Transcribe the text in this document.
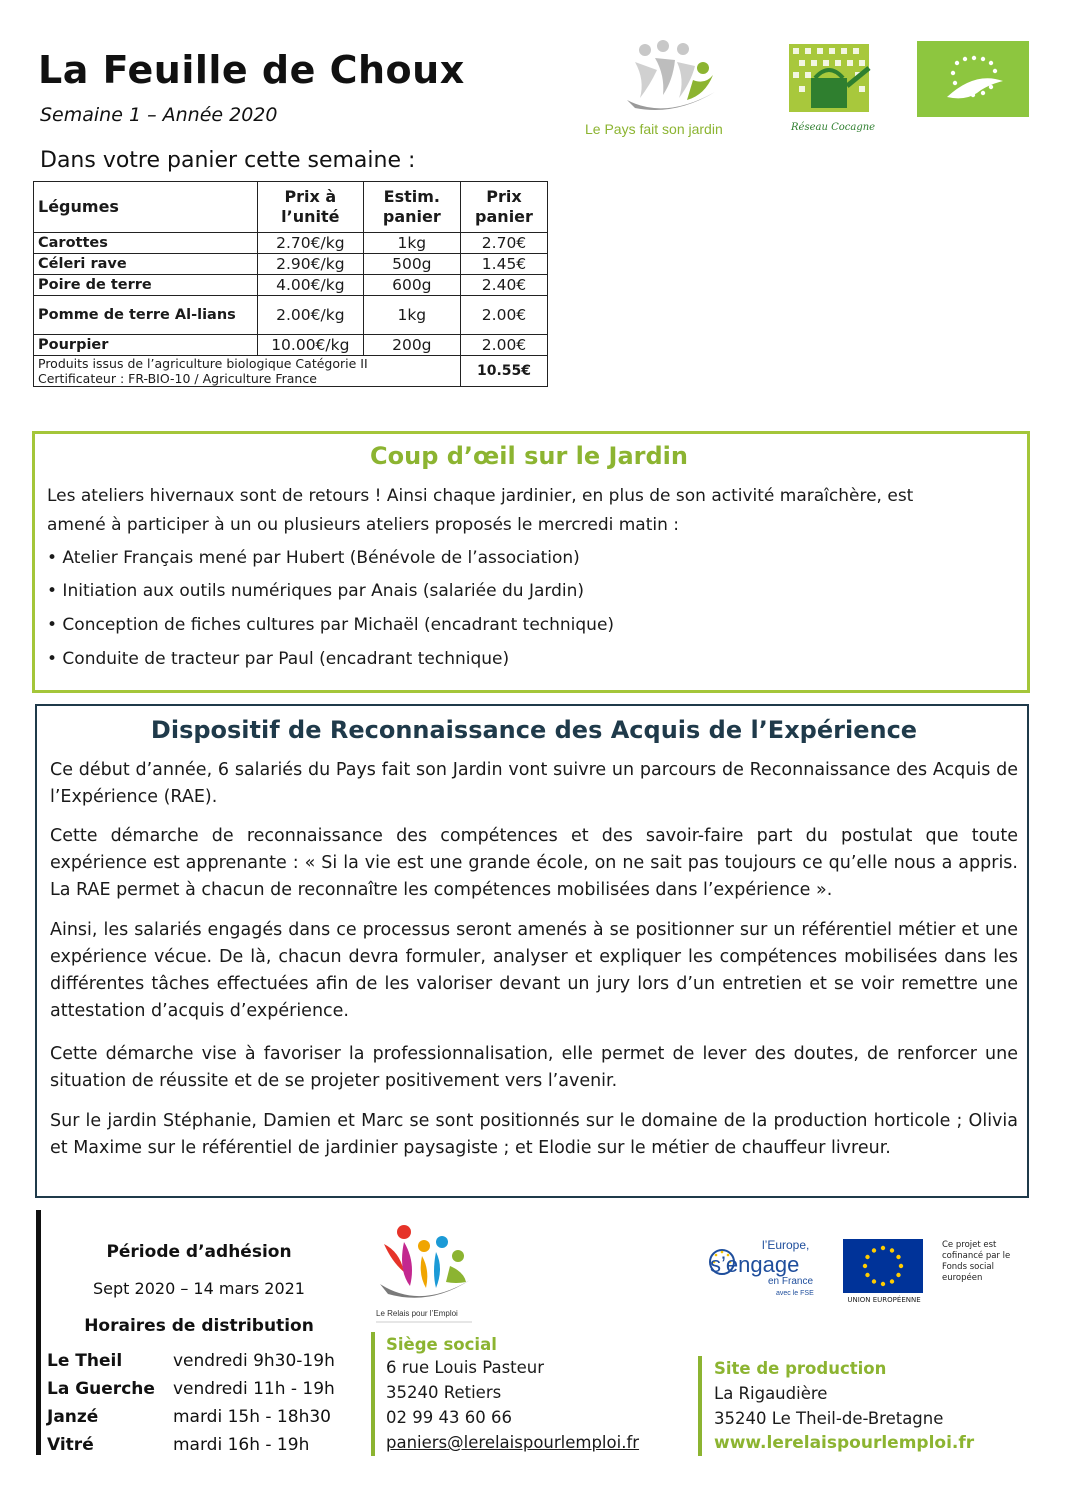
La Feuille de Choux
Semaine 1 – Année 2020
Dans votre panier cette semaine :
Le Pays fait son jardin	Réseau Cocagne
Légumes	Prix à l’unité	Estim. panier	Prix panier
Carottes	2.70€/kg	1kg	2.70€
Céleri rave	2.90€/kg	500g	1.45€
Poire de terre	4.00€/kg	600g	2.40€
Pomme de terre Al-lians	2.00€/kg	1kg	2.00€
Pourpier	10.00€/kg	200g	2.00€

Produits issus de l’agriculture biologique Catégorie II
Certificateur : FR-BIO-10 / Agriculture France			10.55€
Coup d’œil sur le Jardin
Les ateliers hivernaux sont de retours ! Ainsi chaque jardinier, en plus de son activité maraîchère, est
amené à participer à un ou plusieurs ateliers proposés le mercredi matin :
• Atelier Français mené par Hubert (Bénévole de l’association)
• Initiation aux outils numériques par Anais (salariée du Jardin)
• Conception de fiches cultures par Michaël (encadrant technique)
• Conduite de tracteur par Paul (encadrant technique)
Dispositif de Reconnaissance des Acquis de l’Expérience
Ce début d’année, 6 salariés du Pays fait son Jardin vont suivre un parcours de Reconnaissance des Acquis de l’Expérience (RAE).
Cette démarche de reconnaissance des compétences et des savoir-faire part du postulat que toute expérience est apprenante : « Si la vie est une grande école, on ne sait pas toujours ce qu’elle nous a appris. La RAE permet à chacun de reconnaître les compétences mobilisées dans l’expérience ».
Ainsi, les salariés engagés dans ce processus seront amenés à se positionner sur un référentiel métier et une expérience vécue. De là, chacun devra formuler, analyser et expliquer les compétences mobilisées dans les différentes tâches effectuées afin de les valoriser devant un jury lors d’un entretien et se voir remettre une attestation d’acquis d’expérience.
Cette démarche vise à favoriser la professionnalisation, elle permet de lever des doutes, de renforcer une situation de réussite et de se projeter positivement vers l’avenir.
Sur le jardin Stéphanie, Damien et Marc se sont positionnés sur le domaine de la production horticole ; Olivia et Maxime sur le référentiel de jardinier paysagiste ; et Elodie sur le métier de chauffeur livreur.
Période d’adhésion
Sept 2020 – 14 mars 2021
Horaires de distribution
Le Theil	vendredi 9h30-19h
La Guerche vendredi 11h - 19h
Janzé	mardi 15h - 18h30
Vitré	mardi 16h - 19h
Le Relais pour l’Emploi
Siège social
6 rue Louis Pasteur
35240 Retiers
02 99 43 60 66
paniers@lerelaispourlemploi.fr
Site de production
La Rigaudière
35240 Le Theil-de-Bretagne
www.lerelaispourlemploi.fr
l’Europe,
s’engage
en France
avec le FSE
UNION EUROPÉENNE
Ce projet est cofinancé par le Fonds social européen
